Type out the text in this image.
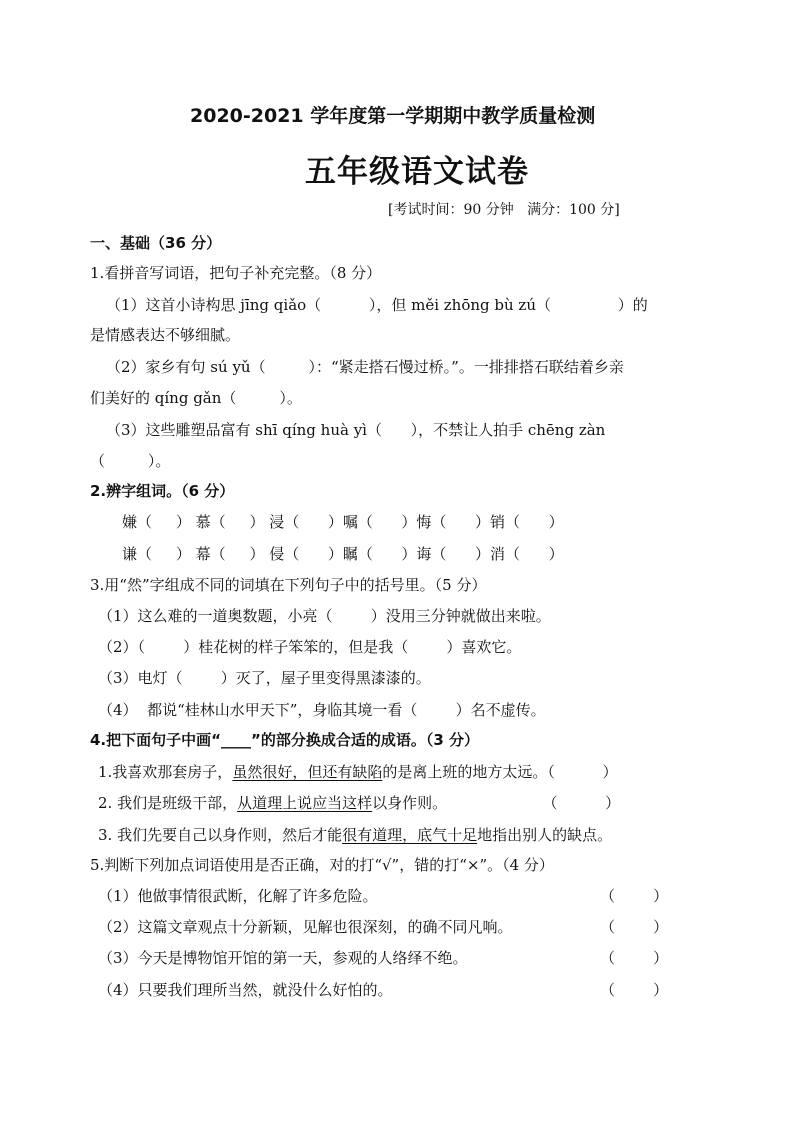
2020-2021 学年度第一学期期中教学质量检测
五年级语文试卷
[考试时间：90 分钟   满分：100 分]
一、基础（36 分）
1.看拼音写词语，把句子补充完整。（8 分）
（1）这首小诗构思 jīng qiǎo（          ），但 měi zhōng bù zú（              ）的
是情感表达不够细腻。
（2）家乡有句 sú yǔ（         ）：“紧走搭石慢过桥。”。一排排搭石联结着乡亲
们美好的 qíng gǎn（         ）。
（3）这些雕塑品富有 shī qíng huà yì（      ），不禁让人拍手 chēng zàn
（         ）。
2.辨字组词。（6 分）
嫌（     ） 慕（     ） 浸（      ）嘱（      ）悔（      ）销（      ）
谦（     ） 幕（     ） 侵（      ）瞩（      ）诲（      ）消（      ）
3.用“然”字组成不同的词填在下列句子中的括号里。（5 分）
（1）这么难的一道奥数题，小亮（        ）没用三分钟就做出来啦。
（2）（        ）桂花树的样子笨笨的，但是我（        ）喜欢它。
（3）电灯（        ）灭了，屋子里变得黑漆漆的。
（4）  都说“桂林山水甲天下”，身临其境一看（        ）名不虚传。
4.把下面句子中画“____”的部分换成合适的成语。（3 分）
1.我喜欢那套房子，虽然很好，但还有缺陷的是离上班的地方太远。（          ）
2. 我们是班级干部，从道理上说应当这样以身作则。                    （          ）
3. 我们先要自己以身作则，然后才能很有道理，底气十足地指出别人的缺点。
5.判断下列加点词语使用是否正确，对的打“√”，错的打“×”。（4 分）
（1）他做事情很武断，化解了许多危险。	（        ）
（2）这篇文章观点十分新颖，见解也很深刻，的确不同凡响。	（        ）
（3）今天是博物馆开馆的第一天，参观的人络绎不绝。	（        ）
（4）只要我们理所当然，就没什么好怕的。	（        ）
